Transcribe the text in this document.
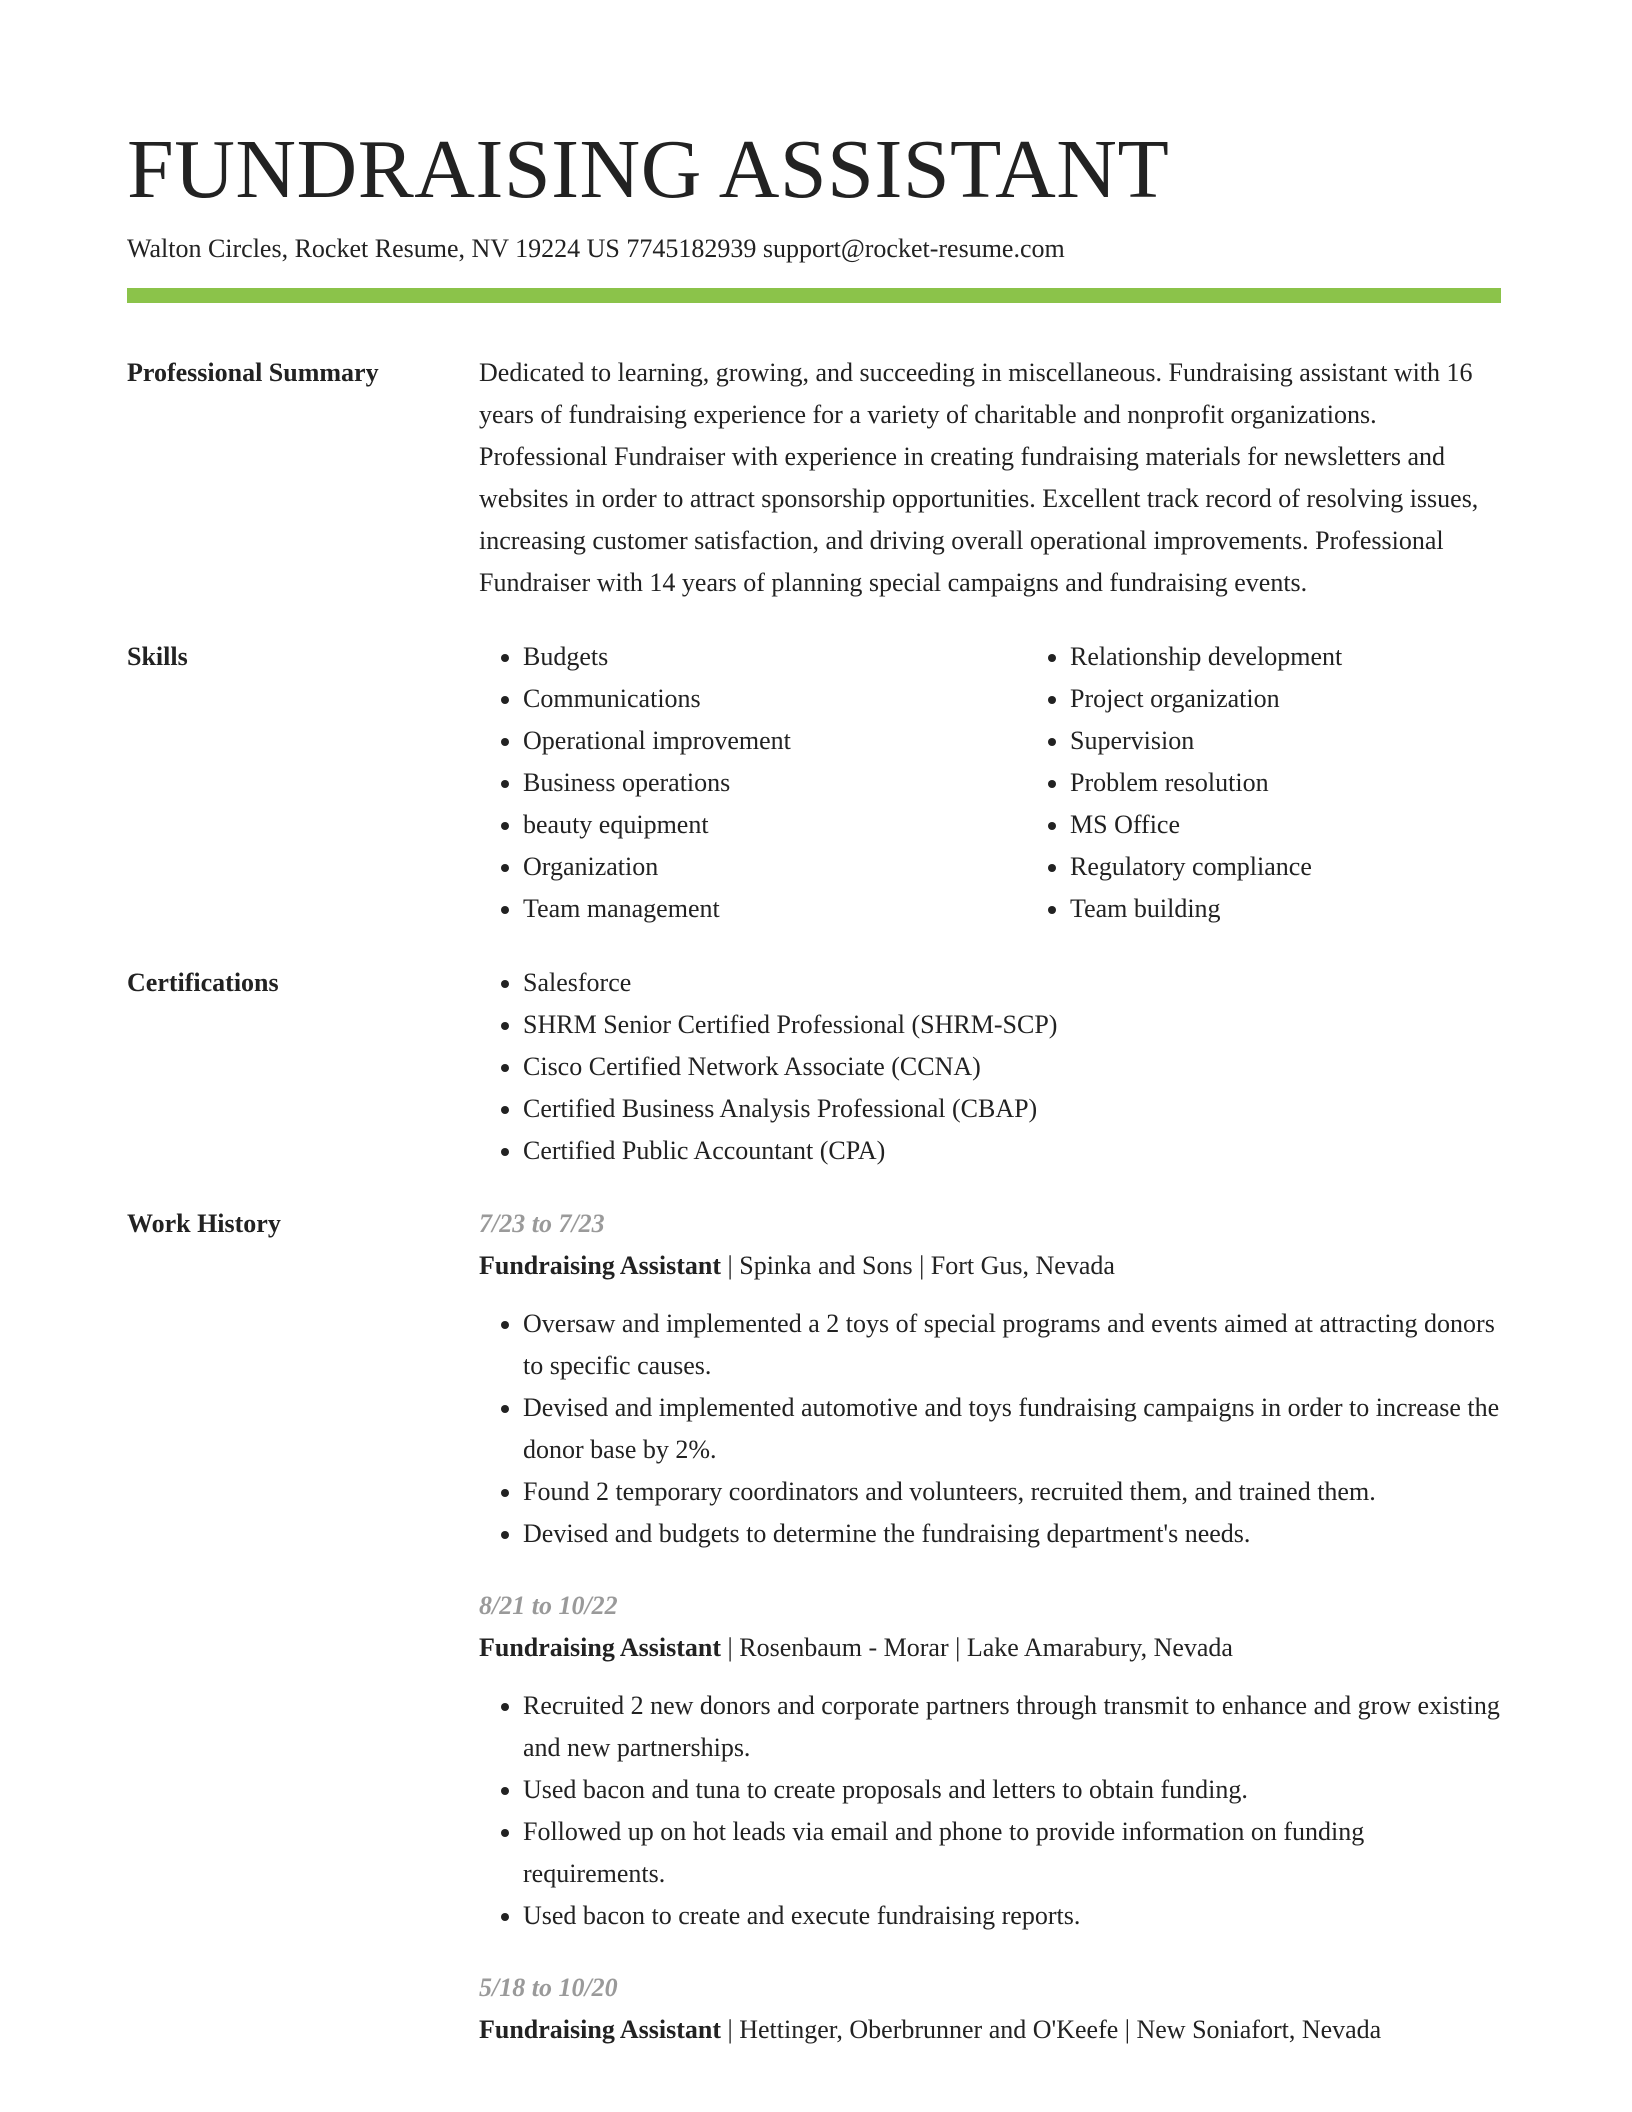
FUNDRAISING ASSISTANT
Walton Circles, Rocket Resume, NV 19224 US 7745182939 support@rocket-resume.com
Professional Summary	Dedicated to learning, growing, and succeeding in miscellaneous. Fundraising assistant with 16 years of fundraising experience for a variety of charitable and nonprofit organizations. Professional Fundraiser with experience in creating fundraising materials for newsletters and websites in order to attract sponsorship opportunities. Excellent track record of resolving issues, increasing customer satisfaction, and driving overall operational improvements. Professional Fundraiser with 14 years of planning special campaigns and fundraising events.
Skills	• Budgets
• Communications
• Operational improvement
• Business operations
• beauty equipment
• Organization
• Team management
• Relationship development
• Project organization
• Supervision
• Problem resolution
• MS Office
• Regulatory compliance
• Team building
Certifications	• Salesforce
• SHRM Senior Certified Professional (SHRM-SCP)
• Cisco Certified Network Associate (CCNA)
• Certified Business Analysis Professional (CBAP)
• Certified Public Accountant (CPA)
Work History	7/23 to 7/23
Fundraising Assistant | Spinka and Sons | Fort Gus, Nevada
• Oversaw and implemented a 2 toys of special programs and events aimed at attracting donors to specific causes.
• Devised and implemented automotive and toys fundraising campaigns in order to increase the donor base by 2%.
• Found 2 temporary coordinators and volunteers, recruited them, and trained them.
• Devised and budgets to determine the fundraising department's needs.
8/21 to 10/22
Fundraising Assistant | Rosenbaum - Morar | Lake Amarabury, Nevada
• Recruited 2 new donors and corporate partners through transmit to enhance and grow existing and new partnerships.
• Used bacon and tuna to create proposals and letters to obtain funding.
• Followed up on hot leads via email and phone to provide information on funding requirements.
• Used bacon to create and execute fundraising reports.
5/18 to 10/20
Fundraising Assistant | Hettinger, Oberbrunner and O'Keefe | New Soniafort, Nevada
